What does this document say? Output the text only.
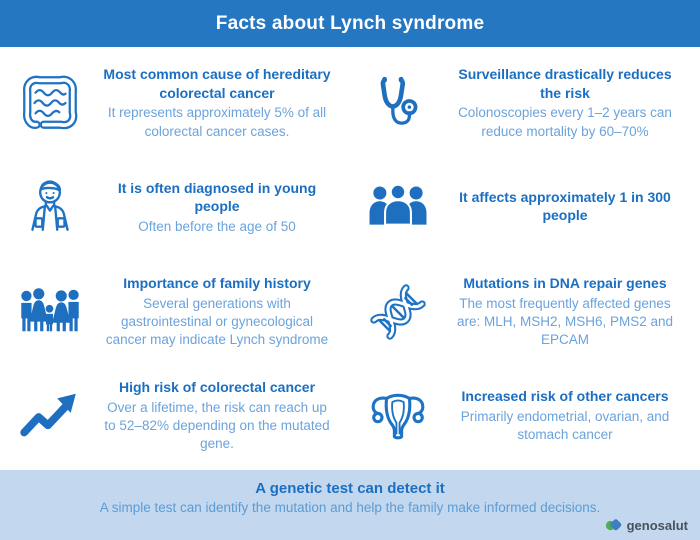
Facts about Lynch syndrome
Most common cause of hereditary colorectal cancer
It represents approximately 5% of all colorectal cancer cases.
Surveillance drastically reduces the risk
Colonoscopies every 1–2 years can reduce mortality by 60–70%
It is often diagnosed in young people
Often before the age of 50
It affects approximately 1 in 300 people
Importance of family history
Several generations with gastrointestinal or gynecological cancer may indicate Lynch syndrome
Mutations in DNA repair genes
The most frequently affected genes are: MLH, MSH2, MSH6, PMS2 and EPCAM
High risk of colorectal cancer
Over a lifetime, the risk can reach up to 52–82% depending on the mutated gene.
Increased risk of other cancers
Primarily endometrial, ovarian, and stomach cancer
A genetic test can detect it
A simple test can identify the mutation and help the family make informed decisions.
genosalut
